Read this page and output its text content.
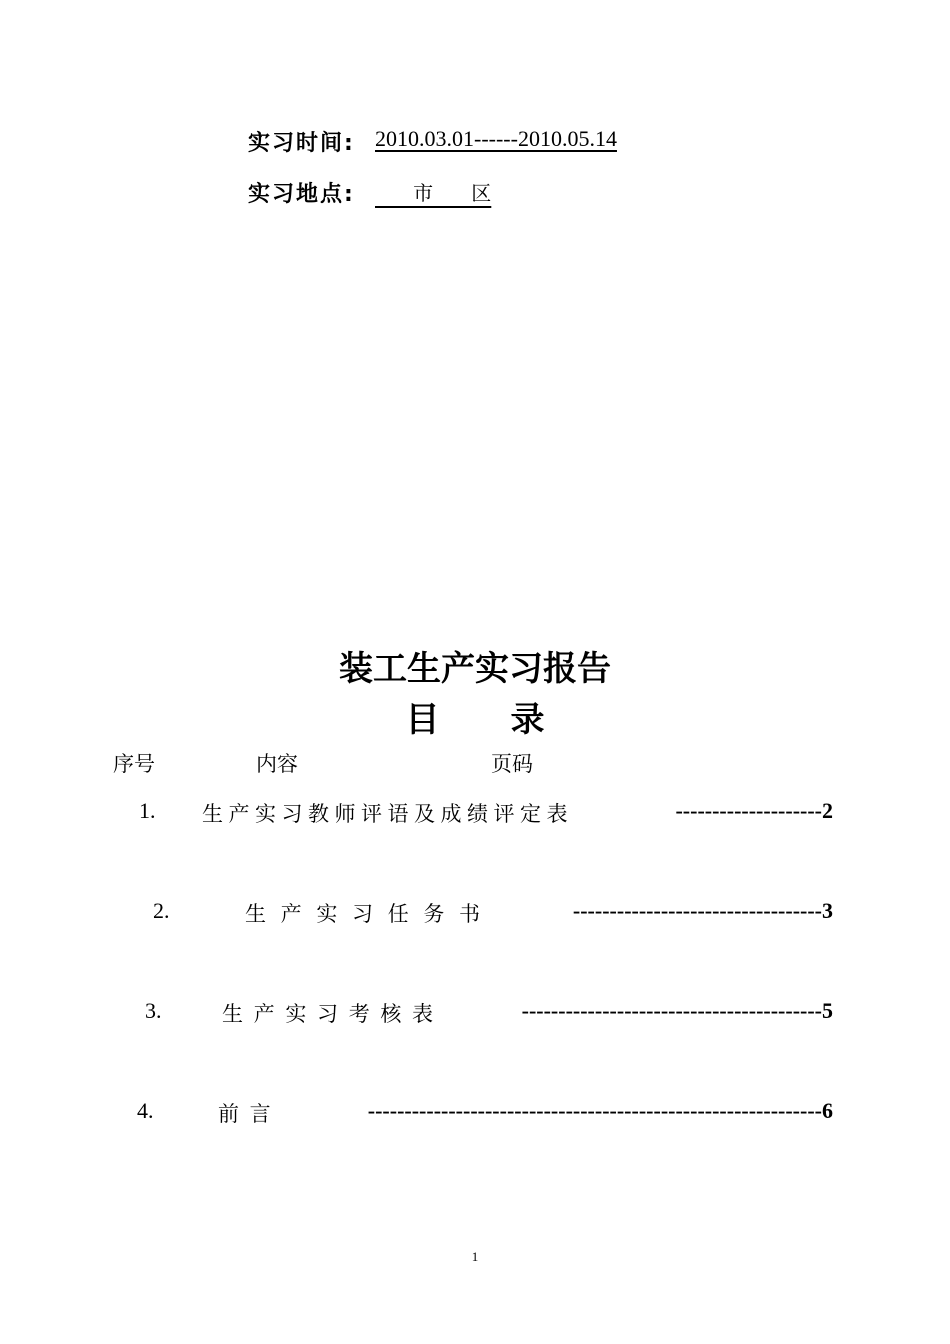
实习时间: 2010.03.01------2010.05.14
实习地点: 市      区
装工生产实习报告
目      录
序号	内容	页码
1. 生产实习教师评语及成绩评定表	-------------------- 2
2.	生 产 实 习 任 务 书	---------------------------------- 3
3.	生 产 实 习 考 核 表	----------------------------------------- 5
4.	前 言	-------------------------------------------------------------- 6
1
